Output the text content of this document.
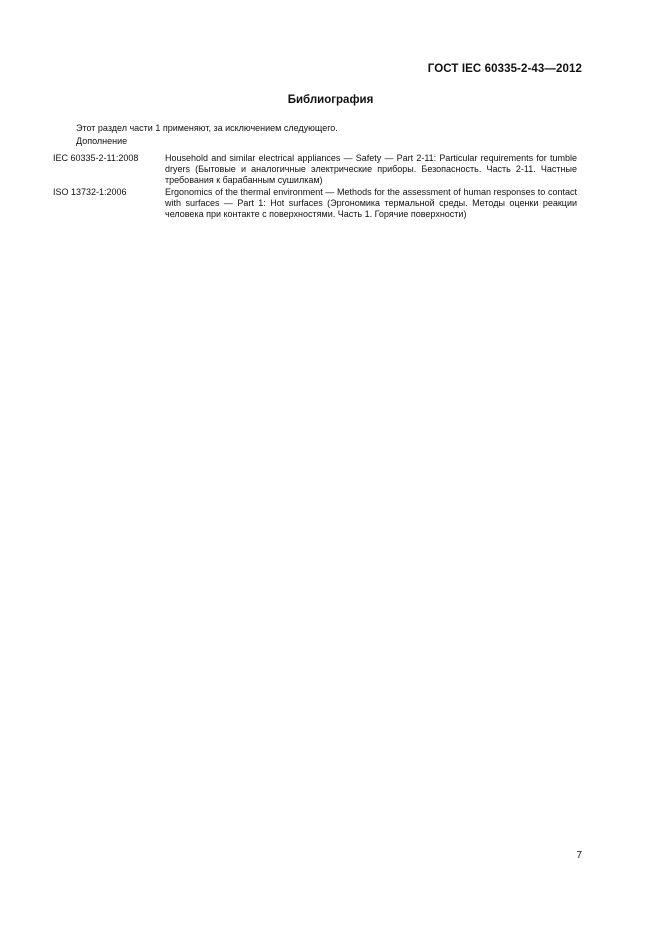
ГОСТ IEC 60335-2-43—2012
Библиография
Этот раздел части 1 применяют, за исключением следующего.
Дополнение
IEC 60335-2-11:2008	Household and similar electrical appliances — Safety — Part 2-11: Particular requirements for tumble dryers (Бытовые и аналогичные электрические приборы. Безопасность. Часть 2-11. Частные требования к барабанным сушилкам)
ISO 13732-1:2006	Ergonomics of the thermal environment — Methods for the assessment of human responses to contact with surfaces — Part 1: Hot surfaces (Эргономика термальной среды. Методы оценки реакции человека при контакте с поверхностями. Часть 1. Горячие поверхности)
7
